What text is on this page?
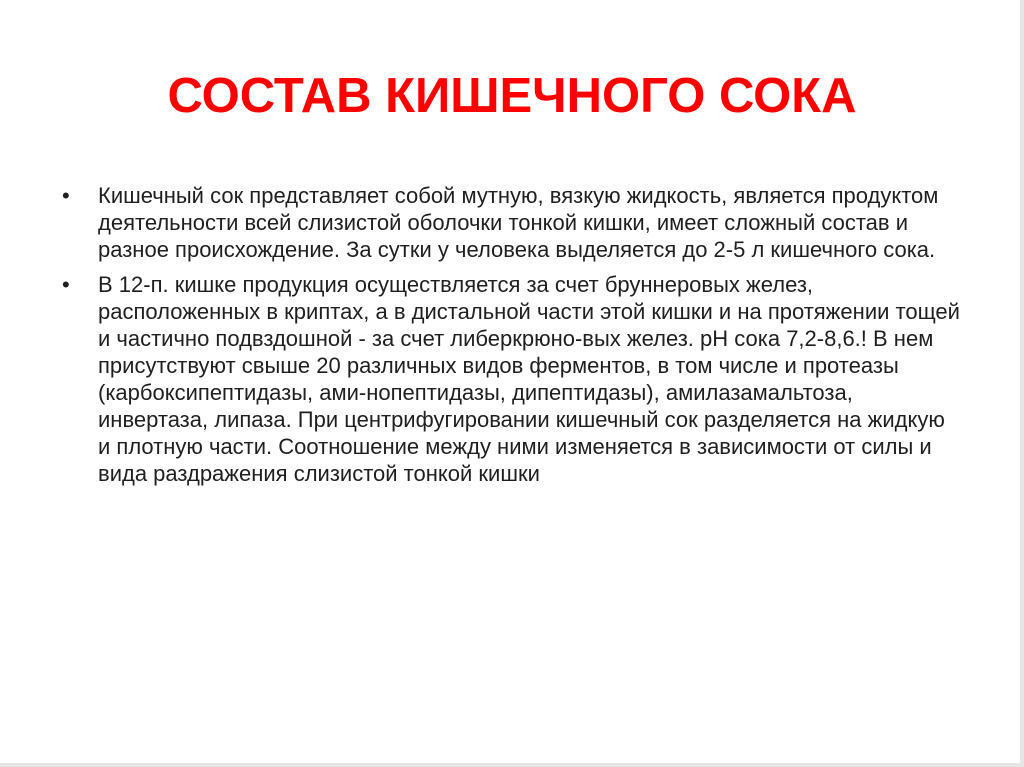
СОСТАВ КИШЕЧНОГО СОКА
•	Кишечный сок представляет собой мутную, вязкую жидкость, является продуктом деятельности всей слизистой оболочки тонкой кишки, имеет сложный состав и разное происхождение. За сутки у человека выделяется до 2-5 л кишечного сока.
•	В 12-п. кишке продукция осуществляется за счет бруннеровых желез, расположенных в криптах, а в дистальной части этой кишки и на протяжении тощей и частично подвздошной - за счет либеркрюно-вых желез. pH сока 7,2-8,6.! В нем присутствуют свыше 20 различных видов ферментов, в том числе и протеазы (карбоксипептидазы, ами-нопептидазы, дипептидазы), амилазамальтоза, инвертаза, липаза. При центрифугировании кишечный сок разделяется на жидкую и плотную части. Соотношение между ними изменяется в зависимости от силы и вида раздражения слизистой тонкой кишки
